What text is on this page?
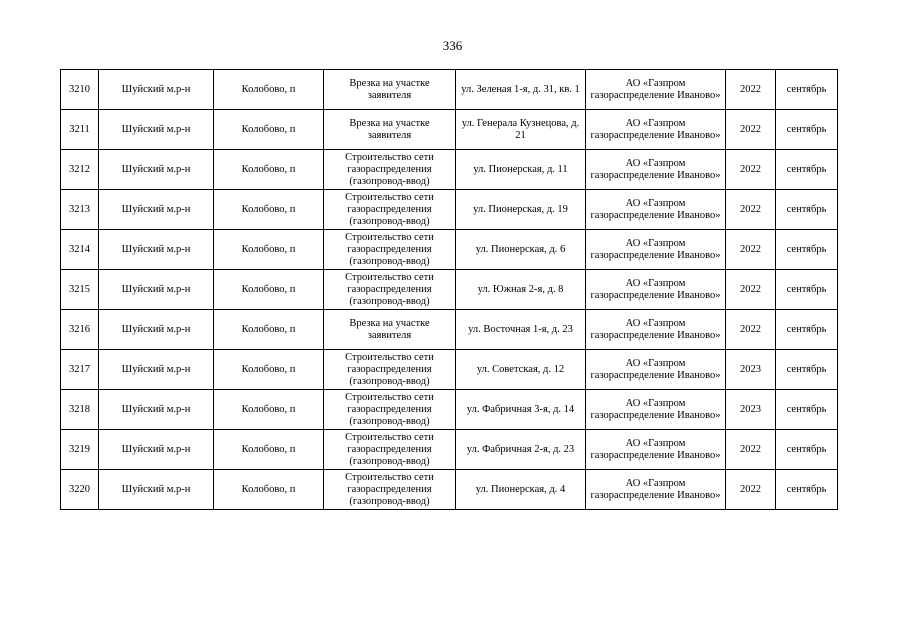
336
3210	Шуйский м.р-н	Колобово, п	Врезка на участке заявителя	ул. Зеленая 1-я, д. 31, кв. 1	АО «Газпром газораспределение Иваново»	2022	сентябрь
3211	Шуйский м.р-н	Колобово, п	Врезка на участке заявителя	ул. Генерала Кузнецова, д. 21	АО «Газпром газораспределение Иваново»	2022	сентябрь
3212	Шуйский м.р-н	Колобово, п	Строительство сети газораспределения (газопровод-ввод)	ул. Пионерская, д. 11	АО «Газпром газораспределение Иваново»	2022	сентябрь
3213	Шуйский м.р-н	Колобово, п	Строительство сети газораспределения (газопровод-ввод)	ул. Пионерская, д. 19	АО «Газпром газораспределение Иваново»	2022	сентябрь
3214	Шуйский м.р-н	Колобово, п	Строительство сети газораспределения (газопровод-ввод)	ул. Пионерская, д. 6	АО «Газпром газораспределение Иваново»	2022	сентябрь
3215	Шуйский м.р-н	Колобово, п	Строительство сети газораспределения (газопровод-ввод)	ул. Южная 2-я, д. 8	АО «Газпром газораспределение Иваново»	2022	сентябрь
3216	Шуйский м.р-н	Колобово, п	Врезка на участке заявителя	ул. Восточная 1-я, д. 23	АО «Газпром газораспределение Иваново»	2022	сентябрь
3217	Шуйский м.р-н	Колобово, п	Строительство сети газораспределения (газопровод-ввод)	ул. Советская, д. 12	АО «Газпром газораспределение Иваново»	2023	сентябрь
3218	Шуйский м.р-н	Колобово, п	Строительство сети газораспределения (газопровод-ввод)	ул. Фабричная 3-я, д. 14	АО «Газпром газораспределение Иваново»	2023	сентябрь
3219	Шуйский м.р-н	Колобово, п	Строительство сети газораспределения (газопровод-ввод)	ул. Фабричная 2-я, д. 23	АО «Газпром газораспределение Иваново»	2022	сентябрь
3220	Шуйский м.р-н	Колобово, п	Строительство сети газораспределения (газопровод-ввод)	ул. Пионерская, д. 4	АО «Газпром газораспределение Иваново»	2022	сентябрь
